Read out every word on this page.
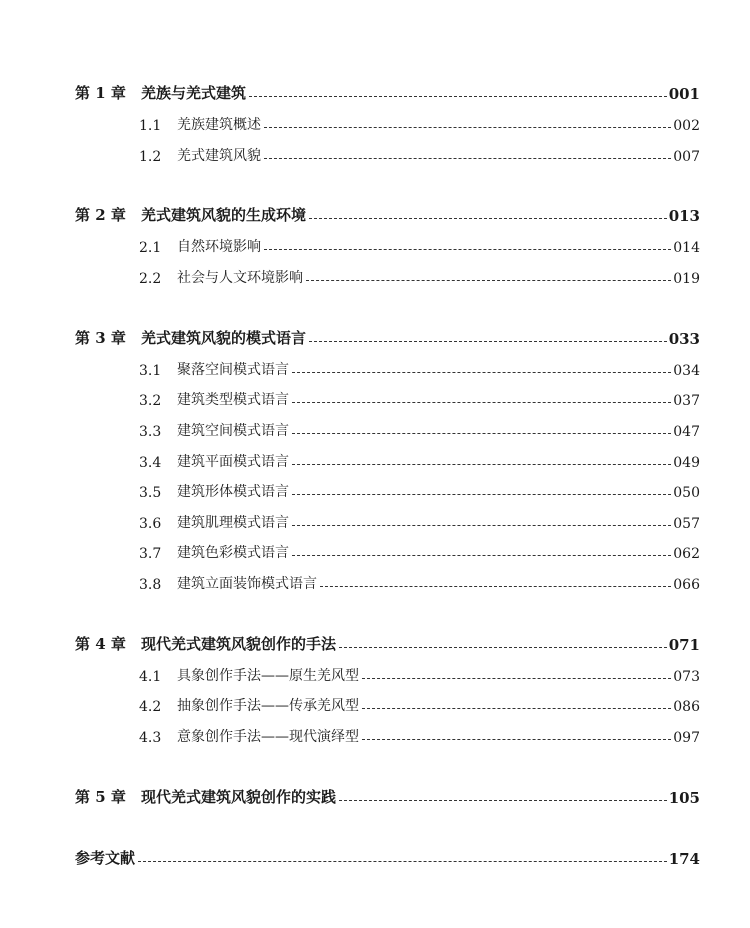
第 1 章	羌族与羌式建筑	001
1.1	羌族建筑概述	002
1.2	羌式建筑风貌	007
第 2 章	羌式建筑风貌的生成环境	013
2.1	自然环境影响	014
2.2	社会与人文环境影响	019
第 3 章	羌式建筑风貌的模式语言	033
3.1	聚落空间模式语言	034
3.2	建筑类型模式语言	037
3.3	建筑空间模式语言	047
3.4	建筑平面模式语言	049
3.5	建筑形体模式语言	050
3.6	建筑肌理模式语言	057
3.7	建筑色彩模式语言	062
3.8	建筑立面装饰模式语言	066
第 4 章	现代羌式建筑风貌创作的手法	071
4.1	具象创作手法——原生羌风型	073
4.2	抽象创作手法——传承羌风型	086
4.3	意象创作手法——现代演绎型	097
第 5 章	现代羌式建筑风貌创作的实践	105
参考文献	174
